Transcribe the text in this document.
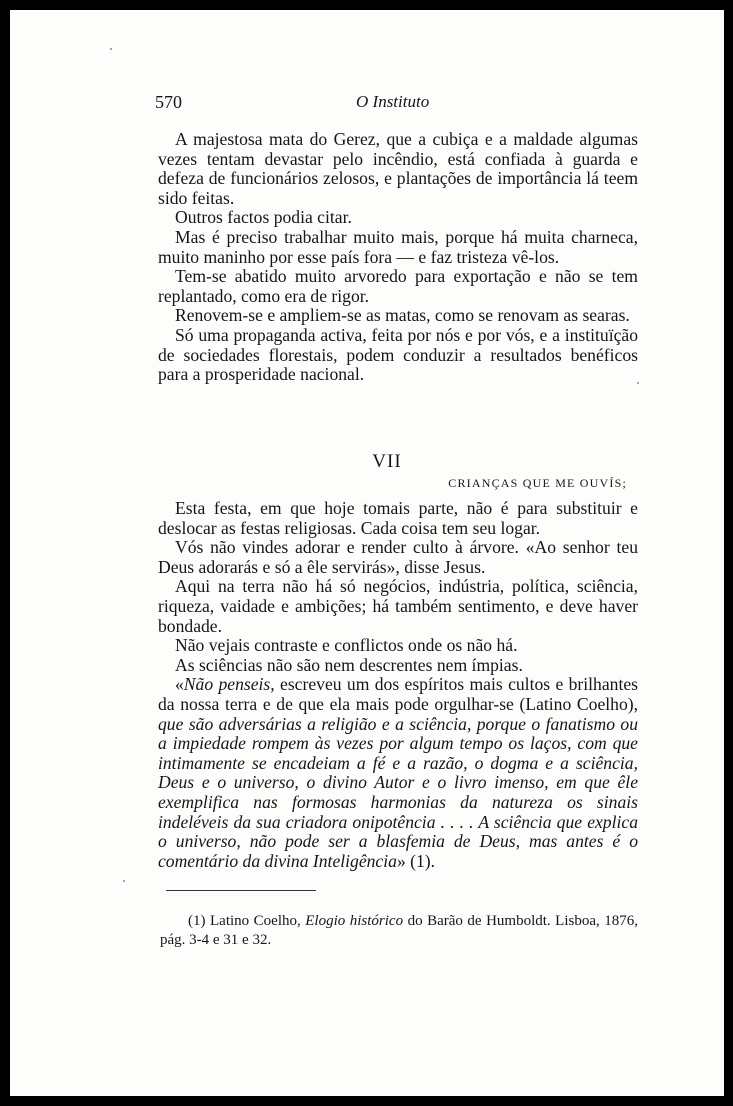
570	O Instituto

A majestosa mata do Gerez, que a cubiça e a maldade algumas vezes tentam devastar pelo incêndio, está confiada à guarda e defeza de funcionários zelosos, e plantações de importância lá teem sido feitas.

Outros factos podia citar.

Mas é preciso trabalhar muito mais, porque há muita charneca, muito maninho por esse país fora — e faz tristeza vê-los.

Tem-se abatido muito arvoredo para exportação e não se tem replantado, como era de rigor.

Renovem-se e ampliem-se as matas, como se renovam as searas.

Só uma propaganda activa, feita por nós e por vós, e a instituïção de sociedades florestais, podem conduzir a resultados benéficos para a prosperidade nacional.

VII
CRIANÇAS QUE ME OUVÍS;

Esta festa, em que hoje tomais parte, não é para substituir e deslocar as festas religiosas. Cada coisa tem seu logar.

Vós não vindes adorar e render culto à árvore. «Ao senhor teu Deus adorarás e só a êle servirás», disse Jesus.

Aqui na terra não há só negócios, indústria, política, sciência, riqueza, vaidade e ambições; há também sentimento, e deve haver bondade.

Não vejais contraste e conflictos onde os não há.

As sciências não são nem descrentes nem ímpias.

«Não penseis, escreveu um dos espíritos mais cultos e brilhantes da nossa terra e de que ela mais pode orgulhar-se (Latino Coelho), que são adversárias a religião e a sciência, porque o fanatismo ou a impiedade rompem às vezes por algum tempo os laços, com que intimamente se encadeiam a fé e a razão, o dogma e a sciência, Deus e o universo, o divino Autor e o livro imenso, em que êle exemplifica nas formosas harmonias da natureza os sinais indeléveis da sua criadora onipotência . . . . A sciência que explica o universo, não pode ser a blasfemia de Deus, mas antes é o comentário da divina Inteligência» (1).

(1) Latino Coelho, Elogio histórico do Barão de Humboldt. Lisboa, 1876, pág. 3-4 e 31 e 32.
